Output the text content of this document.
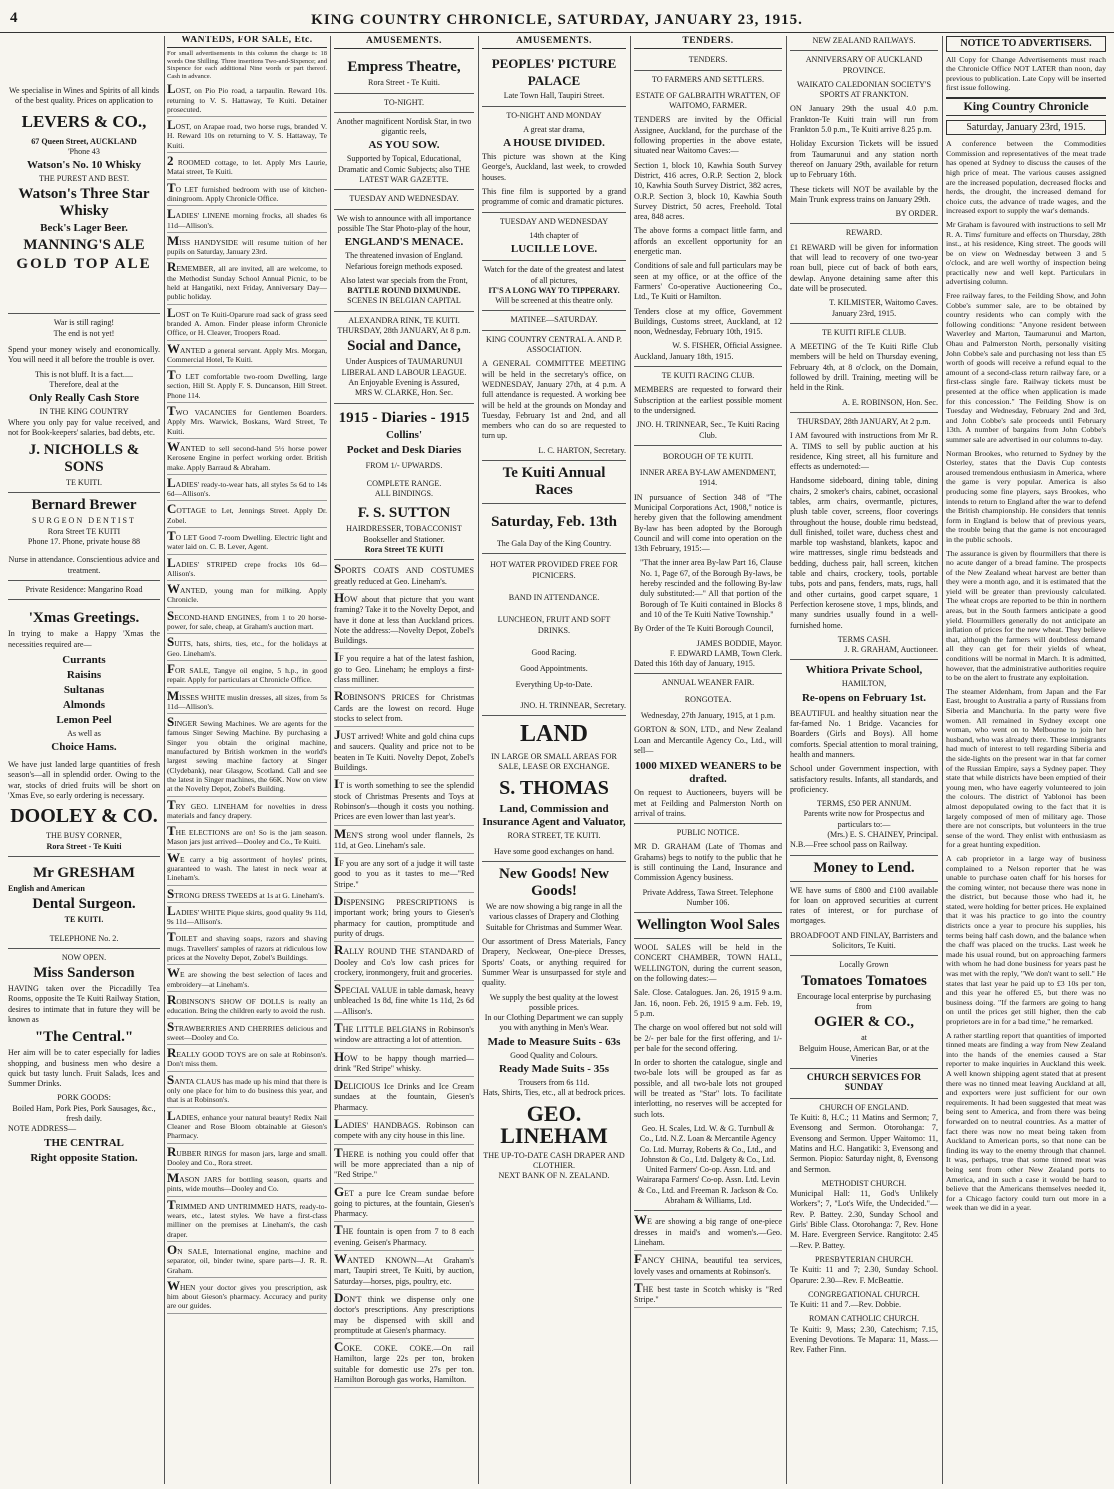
4	KING COUNTRY CHRONICLE, SATURDAY, JANUARY 23, 1915.
We specialise in Wines and Spirits of all kinds of the best quality. Prices on application to
LEVERS & CO.,
67 Queen Street, AUCKLAND
'Phone 43
Watson's No. 10 Whisky
THE PUREST AND BEST.
Watson's Three Star Whisky
Beck's Lager Beer.
MANNING'S ALE
GOLD TOP ALE
War is still raging!
The end is not yet!

Spend your money wisely and economically. You will need it all before the trouble is over.

This is not bluff. It is a fact.....
Therefore, deal at the
Only Really Cash Store
IN THE KING COUNTRY

Where you only pay for value received, and not for Book-keepers' salaries, bad debts, etc.

J. NICHOLLS & SONS
TE KUITI.
Bernard Brewer
SURGEON DENTIST
Rora Street TE KUITI
Phone 17. Phone, private house 88
Nurse in attendance. Conscientious advice and treatment.
Private Residence: Mangarino Road
'Xmas Greetings.

In trying to make a Happy 'Xmas the necessities required are—

Currants
Raisins
Sultanas
Almonds
Lemon Peel
As well as
Choice Hams.

We have just landed large quantities of fresh season's—all in splendid order. Owing to the war, stocks of dried fruits will be short on 'Xmas Eve, so early ordering is necessary.

DOOLEY & CO.
THE BUSY CORNER,
Rora Street - Te Kuiti
Mr GRESHAM
English and American
Dental Surgeon.
TE KUITI.
TELEPHONE No. 2.
NOW OPEN.
Miss Sanderson

HAVING taken over the Piccadilly Tea Rooms, opposite the Te Kuiti Railway Station, desires to intimate that in future they will be known as

"The Central."

Her aim will be to cater especially for ladies shopping, and business men who desire a quick but tasty lunch. Fruit Salads, Ices and Summer Drinks.

PORK GOODS:
Boiled Ham, Pork Pies, Pork Sausages, &c., fresh daily.
NOTE ADDRESS—
THE CENTRAL
Right opposite Station.
WANTEDS, FOR SALE, Etc.

For small advertisements in this column the charge is: 18 words One Shilling. Three insertions Two-and-Sixpence; and Sixpence for each additional Nine words or part thereof. Cash in advance.

LOST, on Pio Pio road, a tarpaulin. Reward 10s. returning to V. S. Hattaway, Te Kuiti. Detainer prosecuted.
LOST, on Arapae road, two horse rugs, branded V. H. Reward 10s on returning to V. S. Hattaway, Te Kuiti.
2 ROOMED cottage, to let. Apply Mrs Laurie, Matai street, Te Kuiti.
TO LET furnished bedroom with use of kitchen-diningroom. Apply Chronicle Office.
LADIES' LINENE morning frocks, all shades 6s 11d—Allison's.
MISS HANDYSIDE will resume tuition of her pupils on Saturday, January 23rd.
REMEMBER, all are invited, all are welcome, to the Methodist Sunday School Annual Picnic, to be held at Hangatiki, next Friday, Anniversary Day—public holiday.
LOST on Te Kuiti-Oparure road sack of grass seed branded A. Amon. Finder please inform Chronicle Office, or H. Cleaver, Troopers Road.
WANTED a general servant. Apply Mrs. Morgan, Commercial Hotel, Te Kuiti.
TO LET comfortable two-room Dwelling, large section, Hill St. Apply F. S. Duncanson, Hill Street. Phone 114.
TWO VACANCIES for Gentlemen Boarders. Apply Mrs. Warwick, Boskans, Ward Street, Te Kuiti.
WANTED to sell second-hand 5½ horse power Kerosene Engine in perfect working order. British make. Apply Barraud & Abraham.
LADIES' ready-to-wear hats, all styles 5s 6d to 14s 6d—Allison's.
COTTAGE to Let, Jennings Street. Apply Dr. Zobel.
TO LET Good 7-room Dwelling. Electric light and water laid on. C. B. Lever, Agent.
LADIES' STRIPED crepe frocks 10s 6d—Allison's.
WANTED, young man for milking. Apply Chronicle.
SECOND-HAND ENGINES, from 1 to 20 horse-power, for sale, cheap, at Graham's auction mart.
SUITS, hats, shirts, ties, etc., for the holidays at Geo. Lineham's.
FOR SALE, Tangye oil engine, 5 h.p., in good repair. Apply for particulars at Chronicle Office.
MISSES WHITE muslin dresses, all sizes, from 5s 11d—Allison's.
SINGER Sewing Machines. We are agents for the famous Singer Sewing Machine. By purchasing a Singer you obtain the original machine, manufactured by British workmen in the world's largest sewing machine factory at Singer (Clydebank), near Glasgow, Scotland. Call and see the latest in Singer machines, the 66K. Now on view at the Novelty Depot, Zobel's Building.
TRY GEO. LINEHAM for novelties in dress materials and fancy drapery.
THE ELECTIONS are on! So is the jam season. Mason jars just arrived—Dooley and Co., Te Kuiti.
WE carry a big assortment of hoyles' prints, guaranteed to wash. The latest in neck wear at Lineham's.
STRONG DRESS TWEEDS at 1s at G. Lineham's.
LADIES' WHITE Pique skirts, good quality 9s 11d, 9s 11d—Allison's.
TOILET and shaving soaps, razors and shaving mugs. Travellers' samples of razors at ridiculous low prices at the Novelty Depot, Zobel's Buildings.
WE are showing the best selection of laces and embroidery—at Lineham's.
ROBINSON'S SHOW OF DOLLS is really an education. Bring the children early to avoid the rush.
STRAWBERRIES AND CHERRIES delicious and sweet—Dooley and Co.
REALLY GOOD TOYS are on sale at Robinson's. Don't miss them.
SANTA CLAUS has made up his mind that there is only one place for him to do business this year, and that is at Robinson's.
LADIES, enhance your natural beauty! Redix Nail Cleaner and Rose Bloom obtainable at Gieson's Pharmacy.
RUBBER RINGS for mason jars, large and small. Dooley and Co., Rora street.
MASON JARS for bottling season, quarts and pints, wide mouths—Dooley and Co.
TRIMMED AND UNTRIMMED HATS, ready-to-wears, etc., latest styles. We have a first-class milliner on the premises at Lineham's, the cash draper.
ON SALE, International engine, machine and separator, oil, binder twine, spare parts—J. R. R. Graham.
WHEN your doctor gives you prescription, ask him about Gieson's pharmacy. Accuracy and purity are our guides.
AMUSEMENTS.
Empress Theatre,
Rora Street - Te Kuiti.
TO-NIGHT.
Another magnificent Nordisk Star, in two gigantic reels,
AS YOU SOW.
Supported by Topical, Educational, Dramatic and Comic Subjects; also THE LATEST WAR GAZETTE.
TUESDAY AND WEDNESDAY.
We wish to announce with all importance possible The Star Photo-play of the hour,
ENGLAND'S MENACE.
The threatened invasion of England. Nefarious foreign methods exposed.
Also latest war specials from the Front,
BATTLE ROUND DIXMUNDE.
SCENES IN BELGIAN CAPITAL
ALEXANDRA RINK, TE KUITI.
THURSDAY, 28th JANUARY, At 8 p.m.
Social and Dance,
Under Auspices of TAUMARUNUI LIBERAL AND LABOUR LEAGUE.
An Enjoyable Evening is Assured,
MRS W. CLARKE, Hon. Sec.
1915 - Diaries - 1915
Collins'
Pocket and Desk Diaries
FROM 1/- UPWARDS.
COMPLETE RANGE.
ALL BINDINGS.
F. S. SUTTON
HAIRDRESSER, TOBACCONIST
Bookseller and Stationer.
Rora Street TE KUITI
SPORTS COATS AND COSTUMES greatly reduced at Geo. Lineham's.
HOW about that picture that you want framing? Take it to the Novelty Depot, and have it done at less than Auckland prices. Note the address:—Novelty Depot, Zobel's Buildings.
IF you require a hat of the latest fashion, go to Geo. Lineham; he employs a first-class milliner.
ROBINSON'S PRICES for Christmas Cards are the lowest on record. Huge stocks to select from.
JUST arrived! White and gold china cups and saucers. Quality and price not to be beaten in Te Kuiti. Novelty Depot, Zobel's Buildings.
IT is worth something to see the splendid stock of Christmas Presents and Toys at Robinson's—though it costs you nothing. Prices are even lower than last year's.
MEN'S strong wool under flannels, 2s 11d, at Geo. Lineham's sale.
IF you are any sort of a judge it will taste good to you as it tastes to me—"Red Stripe."
DISPENSING PRESCRIPTIONS is important work; bring yours to Giesen's pharmacy for caution, promptitude and purity of drugs.
RALLY ROUND THE STANDARD of Dooley and Co's low cash prices for crockery, ironmongery, fruit and groceries.
SPECIAL VALUE in table damask, heavy unbleached 1s 8d, fine white 1s 11d, 2s 6d—Allison's.
THE LITTLE BELGIANS in Robinson's window are attracting a lot of attention.
HOW to be happy though married—drink "Red Stripe" whisky.
DELICIOUS Ice Drinks and Ice Cream sundaes at the fountain, Giesen's Pharmacy.
LADIES' HANDBAGS. Robinson can compete with any city house in this line.
THERE is nothing you could offer that will be more appreciated than a nip of "Red Stripe."
GET a pure Ice Cream sundae before going to pictures, at the fountain, Giesen's Pharmacy.
THE fountain is open from 7 to 8 each evening. Geisen's Pharmacy.
WANTED KNOWN—At Graham's mart, Taupiri street, Te Kuiti, by auction, Saturday—horses, pigs, poultry, etc.
DON'T think we dispense only one doctor's prescriptions. Any prescriptions may be dispensed with skill and promptitude at Giesen's pharmacy.
COKE. COKE. COKE.—On rail Hamilton, large 22s per ton, broken suitable for domestic use 27s per ton. Hamilton Borough gas works, Hamilton.
AMUSEMENTS.
PEOPLES' PICTURE PALACE
Late Town Hall, Taupiri Street.
TO-NIGHT AND MONDAY
A great star drama,
A HOUSE DIVIDED.

This picture was shown at the King George's, Auckland, last week, to crowded houses.

This fine film is supported by a grand programme of comic and dramatic pictures.

TUESDAY AND WEDNESDAY
14th chapter of
LUCILLE LOVE.
Watch for the date of the greatest and latest of all pictures,
IT'S A LONG WAY TO TIPPERARY.
Will be screened at this theatre only.
MATINEE—SATURDAY.
KING COUNTRY CENTRAL A. AND P. ASSOCIATION.

A GENERAL COMMITTEE MEETING will be held in the secretary's office, on WEDNESDAY, January 27th, at 4 p.m. A full attendance is requested. A working bee will be held at the grounds on Monday and Tuesday, February 1st and 2nd, and all members who can do so are requested to turn up.

L. C. HARTON, Secretary.
Te Kuiti Annual Races
Saturday, Feb. 13th
The Gala Day of the King Country.
HOT WATER PROVIDED FREE FOR PICNICERS.
BAND IN ATTENDANCE.
LUNCHEON, FRUIT AND SOFT DRINKS.
Good Racing.
Good Appointments.
Everything Up-to-Date.
JNO. H. TRINNEAR, Secretary.
LAND
IN LARGE OR SMALL AREAS FOR SALE, LEASE OR EXCHANGE.
S. THOMAS
Land, Commission and Insurance Agent and Valuator,
RORA STREET, TE KUITI.
Have some good exchanges on hand.
New Goods! New Goods!
We are now showing a big range in all the various classes of Drapery and Clothing Suitable for Christmas and Summer Wear.

Our assortment of Dress Materials, Fancy Drapery, Neckwear, One-piece Dresses, Sports' Coats, or anything required for Summer Wear is unsurpassed for style and quality.

We supply the best quality at the lowest possible prices.
In our Clothing Department we can supply you with anything in Men's Wear.
Made to Measure Suits - 63s
Good Quality and Colours.
Ready Made Suits - 35s
Trousers from 6s 11d.
Hats, Shirts, Ties, etc., all at bedrock prices.
GEO. LINEHAM
THE UP-TO-DATE CASH DRAPER AND CLOTHIER.
NEXT BANK OF N. ZEALAND.
TENDERS.
TENDERS.
TO FARMERS AND SETTLERS.
ESTATE OF GALBRAITH WRATTEN, OF WAITOMO, FARMER.

TENDERS are invited by the Official Assignee, Auckland, for the purchase of the following properties in the above estate, situated near Waitomo Caves:—

Section 1, block 10, Kawhia South Survey District, 416 acres, O.R.P. Section 2, block 10, Kawhia South Survey District, 382 acres, O.R.P. Section 3, block 10, Kawhia South Survey District, 50 acres, Freehold. Total area, 848 acres.

The above forms a compact little farm, and affords an excellent opportunity for an energetic man.

Conditions of sale and full particulars may be seen at my office, or at the office of the Farmers' Co-operative Auctioneering Co., Ltd., Te Kuiti or Hamilton.

Tenders close at my office, Government Buildings, Customs street, Auckland, at 12 noon, Wednesday, February 10th, 1915.

W. S. FISHER, Official Assignee.
Auckland, January 18th, 1915.
TE KUITI RACING CLUB.

MEMBERS are requested to forward their Subscription at the earliest possible moment to the undersigned.

JNO. H. TRINNEAR, Sec., Te Kuiti Racing Club.
BOROUGH OF TE KUITI.
INNER AREA BY-LAW AMENDMENT, 1914.

IN pursuance of Section 348 of "The Municipal Corporations Act, 1908," notice is hereby given that the following amendment By-law has been adopted by the Borough Council and will come into operation on the 13th February, 1915:—

"That the inner area By-law Part 16, Clause No. 1, Page 67, of the Borough By-laws, be hereby rescinded and the following By-law duly substituted:—" All that portion of the Borough of Te Kuiti contained in Blocks 8 and 10 of the Te Kuiti Native Township."

By Order of the Te Kuiti Borough Council,

JAMES BODDIE, Mayor.
F. EDWARD LAMB, Town Clerk.
Dated this 16th day of January, 1915.
ANNUAL WEANER FAIR.
RONGOTEA.
Wednesday, 27th January, 1915, at 1 p.m.

GORTON & SON, LTD., and New Zealand Loan and Mercantile Agency Co., Ltd., will sell—

1000 MIXED WEANERS to be drafted.

On request to Auctioneers, buyers will be met at Feilding and Palmerston North on arrival of trains.

PUBLIC NOTICE.

MR D. GRAHAM (Late of Thomas and Grahams) begs to notify to the public that he is still continuing the Land, Insurance and Commission Agency business.

Private Address, Tawa Street. Telephone Number 106.
Wellington Wool Sales

WOOL SALES will be held in the CONCERT CHAMBER, TOWN HALL, WELLINGTON, during the current season, on the following dates:—

Sale. Close. Catalogues. Jan. 26, 1915 9 a.m. Jan. 16, noon. Feb. 26, 1915 9 a.m. Feb. 19, 5 p.m.

The charge on wool offered but not sold will be 2/- per bale for the first offering, and 1/- per bale for the second offering.

In order to shorten the catalogue, single and two-bale lots will be grouped as far as possible, and all two-bale lots not grouped will be treated as "Star" lots. To facilitate interlotting, no reserves will be accepted for such lots.

Geo. H. Scales, Ltd. W. & G. Turnbull & Co., Ltd. N.Z. Loan & Mercantile Agency Co. Ltd. Murray, Roberts & Co., Ltd., and Johnston & Co., Ltd. Dalgety & Co., Ltd. United Farmers' Co-op. Assn. Ltd. and Wairarapa Farmers' Co-op. Assn. Ltd. Levin & Co., Ltd. and Freeman R. Jackson & Co. Abraham & Williams, Ltd.

WE are showing a big range of one-piece dresses in maid's and women's.—Geo. Lineham.
FANCY CHINA, beautiful tea services, lovely vases and ornaments at Robinson's.
THE best taste in Scotch whisky is "Red Stripe."
NEW ZEALAND RAILWAYS.
ANNIVERSARY OF AUCKLAND PROVINCE.
WAIKATO CALEDONIAN SOCIETY'S SPORTS AT FRANKTON.

ON January 29th the usual 4.0 p.m. Frankton-Te Kuiti train will run from Frankton 5.0 p.m., Te Kuiti arrive 8.25 p.m.

Holiday Excursion Tickets will be issued from Taumarunui and any station north thereof on January 29th, available for return up to February 16th.

These tickets will NOT be available by the Main Trunk express trains on January 29th.

BY ORDER.
REWARD.

£1 REWARD will be given for information that will lead to recovery of one two-year roan bull, piece cut of back of both ears, dewlap. Anyone detaining same after this date will be prosecuted.

T. KILMISTER, Waitomo Caves.
January 23rd, 1915.
TE KUITI RIFLE CLUB.

A MEETING of the Te Kuiti Rifle Club members will be held on Thursday evening, February 4th, at 8 o'clock, on the Domain, followed by drill. Training, meeting will be held in the Rink.

A. E. ROBINSON, Hon. Sec.
THURSDAY, 28th JANUARY, At 2 p.m.

I AM favoured with instructions from Mr R. A. TIMS to sell by public auction at his residence, King street, all his furniture and effects as undernoted:—

Handsome sideboard, dining table, dining chairs, 2 smoker's chairs, cabinet, occasional tables, arm chairs, overmantle, pictures, plush table cover, screens, floor coverings throughout the house, double rimu bedstead, dull finished, toilet ware, duchess chest and marble top washstand, blankets, kapoc and wire mattresses, single rimu bedsteads and bedding, duchess pair, hall screen, kitchen table and chairs, crockery, tools, portable tubs, pots and pans, fenders, mats, rugs, hall and other curtains, good carpet square, 1 Perfection kerosene stove, 1 mps, blinds, and many sundries usually found in a well-furnished home.

TERMS CASH.
J. R. GRAHAM, Auctioneer.
Whitiora Private School,
HAMILTON,
Re-opens on February 1st.

BEAUTIFUL and healthy situation near the far-famed No. 1 Bridge. Vacancies for Boarders (Girls and Boys). All home comforts. Special attention to moral training, health and manners.

School under Government inspection, with satisfactory results. Infants, all standards, and proficiency.

TERMS, £50 PER ANNUM.
Parents write now for Prospectus and particulars to:—
(Mrs.) E. S. CHAINEY, Principal.
N.B.—Free school pass on Railway.
Money to Lend.

WE have sums of £800 and £100 available for loan on approved securities at current rates of interest, or for purchase of mortgages.

BROADFOOT AND FINLAY, Barristers and Solicitors, Te Kuiti.
Locally Grown
Tomatoes Tomatoes
Encourage local enterprise by purchasing from
OGIER & CO.,
at
Belguim House, American Bar, or at the Vineries
CHURCH SERVICES FOR SUNDAY
CHURCH OF ENGLAND.

Te Kuiti: 8, H.C.; 11 Matins and Sermon; 7, Evensong and Sermon. Otorohanga: 7, Evensong and Sermon. Upper Waitomo: 11, Matins and H.C. Hangatiki: 3, Evensong and Sermon. Piopio: Saturday night, 8, Evensong and Sermon.

METHODIST CHURCH.

Municipal Hall: 11, God's Unlikely Workers"; 7, "Lot's Wife, the Undecided."—Rev. P. Battey. 2.30, Sunday School and Girls' Bible Class. Otorohanga: 7, Rev. Hone M. Hare. Evergreen Service. Rangitoto: 2.45—Rev. P. Battey.

PRESBYTERIAN CHURCH.

Te Kuiti: 11 and 7; 2.30, Sunday School. Oparure: 2.30—Rev. F. McBeattie.

CONGREGATIONAL CHURCH.

Te Kuiti: 11 and 7.—Rev. Dobbie.

ROMAN CATHOLIC CHURCH.

Te Kuiti: 9, Mass; 2.30, Catechism; 7.15, Evening Devotions. Te Mapara: 11, Mass.—Rev. Father Finn.

NOTICE TO ADVERTISERS.

All Copy for Change Advertisements must reach the Chronicle Office NOT LATER than noon, day previous to publication. Late Copy will be inserted first issue following.

King Country Chronicle
Saturday, January 23rd, 1915.

A conference between the Commodities Commission and representatives of the meat trade has opened at Sydney to discuss the causes of the high price of meat. The various causes assigned are the increased population, decreased flocks and herds, the drought, the increased demand for choice cuts, the advance of trade wages, and the increased export to supply the war's demands.

Mr Graham is favoured with instructions to sell Mr R. A. Tims' furniture and effects on Thursday, 28th inst., at his residence, King street. The goods will be on view on Wednesday between 3 and 5 o'clock, and are well worthy of inspection being practically new and well kept. Particulars in advertising column.

Free railway fares, to the Feilding Show, and John Cobbe's summer sale, are to be obtained by country residents who can comply with the following conditions: "Anyone resident between Waverley and Marton, Taumarunui and Marton, Ohau and Palmerston North, personally visiting John Cobbe's sale and purchasing not less than £5 worth of goods will receive a refund equal to the amount of a second-class return railway fare, or a first-class single fare. Railway tickets must be presented at the office when application is made for this concession." The Feilding Show is on Tuesday and Wednesday, February 2nd and 3rd, and John Cobbe's sale proceeds until February 13th. A number of bargains from John Cobbe's summer sale are advertised in our columns to-day.

Norman Brookes, who returned to Sydney by the Osterley, states that the Davis Cup contests aroused tremendous enthusiasm in America, where the game is very popular. America is also producing some fine players, says Brookes, who intends to return to England after the war to defend the British championship. He considers that tennis form in England is below that of previous years, the trouble being that the game is not encouraged in the public schools.

The assurance is given by flourmillers that there is no acute danger of a bread famine. The prospects of the New Zealand wheat harvest are better than they were a month ago, and it is estimated that the yield will be greater than previously calculated. The wheat crops are reported to be thin in northern areas, but in the South farmers anticipate a good yield. Flourmillers generally do not anticipate an inflation of prices for the new wheat. They believe that, although the farmers will doubtless demand all they can get for their yields of wheat, conditions will be normal in March. It is admitted, however, that the administrative authorities require to be on the alert to frustrate any exploitation.

The steamer Aldenham, from Japan and the Far East, brought to Australia a party of Russians from Siberia and Manchuria. In the party were five women. All remained in Sydney except one woman, who went on to Melbourne to join her husband, who was already there. These immigrants had much of interest to tell regarding Siberia and the side-lights on the present war in that far corner of the Russian Empire, says a Sydney paper. They state that while districts have been emptied of their young men, who have eagerly volunteered to join the colours. The district of Yablonoi has been almost depopulated owing to the fact that it is largely composed of men of military age. Those there are not conscripts, but volunteers in the true sense of the word. They enlist with enthusiasm as for a great hunting expedition.

A cab proprietor in a large way of business complained to a Nelson reporter that he was unable to purchase oaten chaff for his horses for the coming winter, not because there was none in the district, but because those who had it, he stated, were holding for better prices. He explained that it was his practice to go into the country districts once a year to procure his supplies, his terms being half cash down, and the balance when the chaff was placed on the trucks. Last week he made his usual round, but on approaching farmers with whom he had done business for years past he was met with the reply, "We don't want to sell." He states that last year he paid up to £3 10s per ton, and this year he offered £5, but there was no business doing. "If the farmers are going to hang on until the prices get still higher, then the cab proprietors are in for a bad time," he remarked.

A rather startling report that quantities of imported tinned meats are finding a way from New Zealand into the hands of the enemies caused a Star reporter to make inquiries in Auckland this week. A well known shipping agent stated that at present there was no tinned meat leaving Auckland at all, and exporters were just sufficient for our own requirements. It had been suggested that meat was being sent to America, and from there was being forwarded on to neutral countries. As a matter of fact there was now no meat being taken from Auckland to American ports, so that none can be finding its way to the enemy through that channel. It was, perhaps, true that some tinned meat was being sent from other New Zealand ports to America, and in such a case it would be hard to believe that the Americans themselves needed it, for a Chicago factory could turn out more in a week than we did in a year.
